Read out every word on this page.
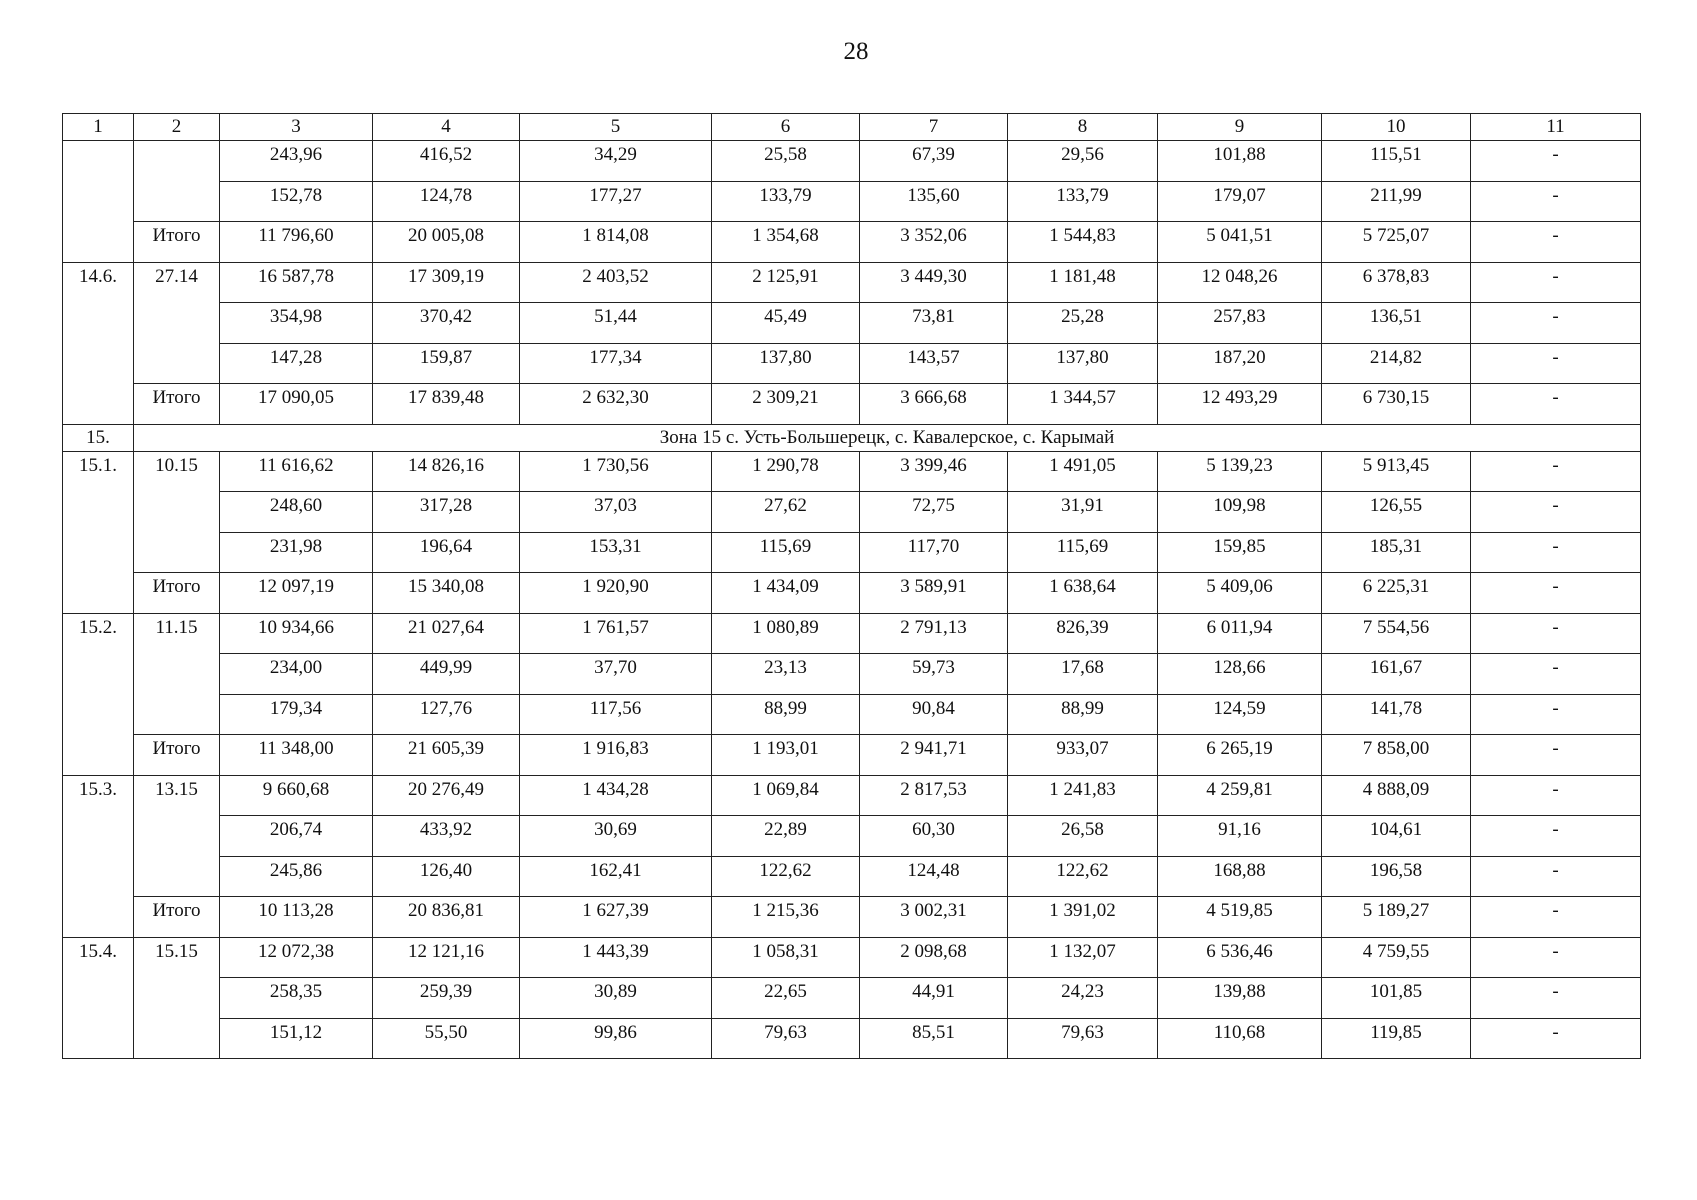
28
1	2	3	4	5	6	7	8	9	10	11
		243,96	416,52	34,29	25,58	67,39	29,56	101,88	115,51	-
		152,78	124,78	177,27	133,79	135,60	133,79	179,07	211,99	-
	Итого	11 796,60	20 005,08	1 814,08	1 354,68	3 352,06	1 544,83	5 041,51	5 725,07	-
14.6.	27.14	16 587,78	17 309,19	2 403,52	2 125,91	3 449,30	1 181,48	12 048,26	6 378,83	-
		354,98	370,42	51,44	45,49	73,81	25,28	257,83	136,51	-
		147,28	159,87	177,34	137,80	143,57	137,80	187,20	214,82	-
	Итого	17 090,05	17 839,48	2 632,30	2 309,21	3 666,68	1 344,57	12 493,29	6 730,15	-
15.	Зона 15 с. Усть-Большерецк, с. Кавалерское, с. Карымай									
15.1.	10.15	11 616,62	14 826,16	1 730,56	1 290,78	3 399,46	1 491,05	5 139,23	5 913,45	-
		248,60	317,28	37,03	27,62	72,75	31,91	109,98	126,55	-
		231,98	196,64	153,31	115,69	117,70	115,69	159,85	185,31	-
	Итого	12 097,19	15 340,08	1 920,90	1 434,09	3 589,91	1 638,64	5 409,06	6 225,31	-
15.2.	11.15	10 934,66	21 027,64	1 761,57	1 080,89	2 791,13	826,39	6 011,94	7 554,56	-
		234,00	449,99	37,70	23,13	59,73	17,68	128,66	161,67	-
		179,34	127,76	117,56	88,99	90,84	88,99	124,59	141,78	-
	Итого	11 348,00	21 605,39	1 916,83	1 193,01	2 941,71	933,07	6 265,19	7 858,00	-
15.3.	13.15	9 660,68	20 276,49	1 434,28	1 069,84	2 817,53	1 241,83	4 259,81	4 888,09	-
		206,74	433,92	30,69	22,89	60,30	26,58	91,16	104,61	-
		245,86	126,40	162,41	122,62	124,48	122,62	168,88	196,58	-
	Итого	10 113,28	20 836,81	1 627,39	1 215,36	3 002,31	1 391,02	4 519,85	5 189,27	-
15.4.	15.15	12 072,38	12 121,16	1 443,39	1 058,31	2 098,68	1 132,07	6 536,46	4 759,55	-
		258,35	259,39	30,89	22,65	44,91	24,23	139,88	101,85	-
		151,12	55,50	99,86	79,63	85,51	79,63	110,68	119,85	-
